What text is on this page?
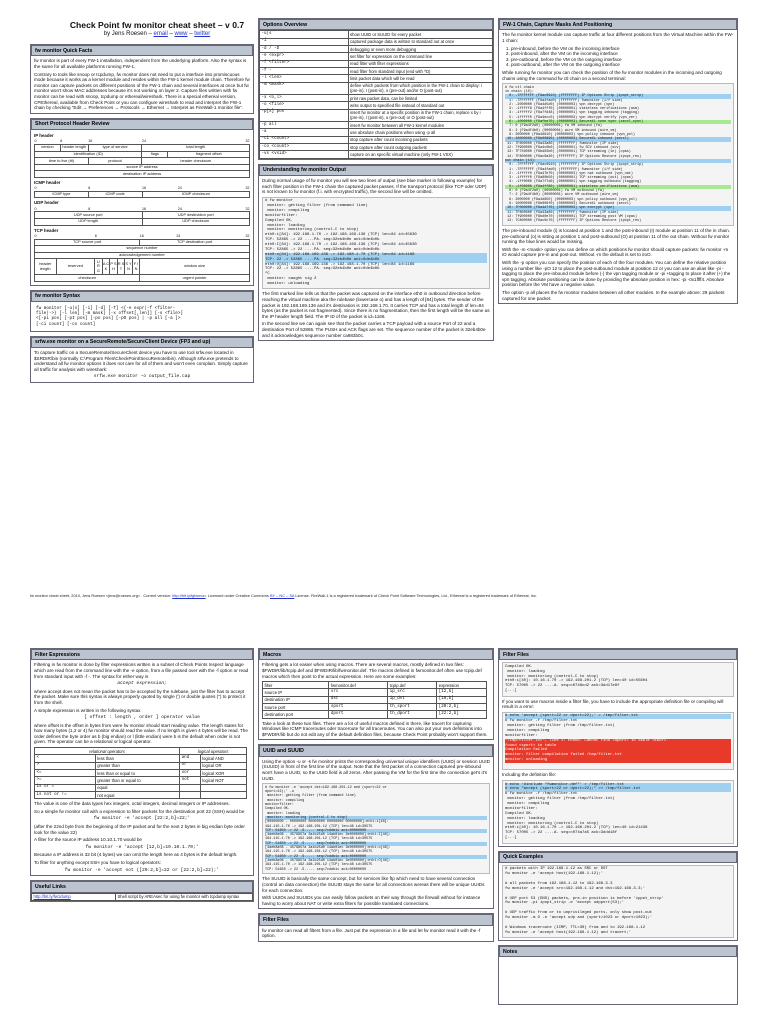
Check Point fw monitor cheat sheet – v 0.7
by Jens Roesen – email – www – twitter
fw monitor Quick Facts

fw monitor is part of every FW-1 installation, independent from the underlying platform. Also the syntax is the same for all available platforms running FW-1.

Contrary to tools like snoop or tcpdump, fw monitor does not need to put a interface into promiscuous mode because it works as a kernel module and resides within the FW-1 kernel module chain. Therefore fw monitor can capture packets on different positions of the FW-1 chain and several interfaces at once but fw monitor won't show MAC addresses because it's not working on layer 2. Capture files written with fw monitor can be read with snoop, tcpdump or ethereal/wireshark. There is a special ethereal version, CPEthereal, available from Check Point or you can configure wireshark to read and interpret the FW-1 chain by checking "Edit → Preferences → Protocols → Ethernet → Interpret as FireWall-1 monitor file".

Short Protocol Header Review
IP header
0	8	16	24	32
version	header length	type of service	total length	
identification (ID)			flags	fragment offset
time to live (ttl)		protocol	header checksum	
source IP address				
destination IP address				
ICMP header
0	8	16	24	32
ICMP type	ICMP code	ICMP checksum		
UDP header
0	8	16	24	32
UDP source port		UDP destination port		
UDP length		UDP checksum		
TCP header
0		8						16	24	32
TCP source port								TCP destination port		
sequence number										
acknowledgement number										
header length	reserved	U R G	A C K	P S H	R S T	S Y N	F I N	window size		
checksum								urgent pointer		
fw monitor Syntax
fw monitor [-u|s] [-i] [-d] [-T] <{-e expr|-f <filter-
file|->} [-l len] [-m mask] [-x offset[,len]] [-o <file>]
<[-pi pos] [-pI pos] [-po pos] [-pO pos] | -p all [-a ]>
[-ci count] [-co count]
srfw.exe monitor on a SecureRemote/SecureClient Device (FP3 and up)

To capture traffic on a SecureRemote/SecureClient device you have to use tool srfw.exe located in $SRDIR\bin (normally C:\Program Files\CheckPoint\SecuRemote\bin). Although srfw.exe pretends to understand all fw monitor options it does not care for all of them and won't even complain. Simply capture all traffic for analysis with wireshark:

srfw.exe monitor –o output_file.cap

Options Overview
-u|s	show UUID or SUUID for every packet
-i	captured package data is written to standard out at once
-d / -D	debugging or even more debugging
-e <expr>	set filter for expression on the command line
-f <filter>	read filter with filter expressions
-f -	read filter from standard input (end with ^D)
-l <len>	limit packet data which will be read
-m <mask>	define which packets from which position in the FW-1 chain to display: i (pre-in), I (post-in), o (pre-out) and/or O (post-out)
-x <o,l>	print raw packet data, can be limited
-o <file>	write output to specified file instead of standard out
-p[x] pos	insert fw monitor at a specific position in the FW-1 chain, replace x by i (pre-in), I (post-in), o (pre-out) or O (post-out)
-p all	insert fw monitor between all FW-1 kernel modules
-a	use absolute chain positions when using -p all
-ci <count>	stop capture after count incoming packets
-co <count>	stop capture after count outgoing packets
-vs <vsid>	capture on an specific virtual machine (only FW-1 VSX)
Understanding fw monitor Output

During normal usage of fw monitor you will see two lines of output (see blue marker in following example) for each filter position in the FW-1 chain the captured packet passes. If the transport protocol (like TCP oder UDP) is not known to fw monitor (f.i. with encrypted traffic), the second line will be omitted.

# fw monitor
monitor: getting filter (from command line)
monitor: compiling
monitorfilter:
Compiled OK.
monitor: loading
monitor: monitoring (control-C to stop)
eth0:i[84]: 192.168.1.70 -> 192.168.169.136 (TCP) len=84 id=45630
TCP: 52865 -> 22 ....PA. seq=32eb4b0e ack=0de4b0b
eth0:I[84]: 192.168.1.70 -> 192.168.169.136 (TCP) len=84 id=45630
TCP: 52865 -> 22 ....PA. seq=32eb4b0e ack=0de4b0b
eth0:o[84]: 192.168.169.136 -> 192.168.1.70 (TCP) len=84 id=1166
TCP: 22 -> 52865 ....PA. seq=32eb4b0e ack=0de4b0b
eth0:O[84]: 192.168.169.136 -> 192.168.1.70 (TCP) len=84 id=1166
TCP: 22 -> 52865 ....PA. seq=32eb4b0e ack=0de4b0b
^C
monitor: caught sig 2
monitor: unloading

The first marked line tells us that the packet was captured on the interface eth0 in outbound direction before reaching the virtual machine aka the rulebase (lowercase o) and has a length of [84] bytes. The sender of the packet is 192.168.169.136 and it's destination is 192.168.1.70. It carries TCP and has a total length of len=84 bytes (as the packet is not fragmented). Since there is no fragmentation, then the first length will be the same as the IP header length field. The IP ID of the packet is id=1166.

In the second line we can again see that the packet carries a TCP payload with a source Port of 22 and a destination Port of 52865. The PUSH and ACK flags are set. The sequence number of the packet is 32eb4b0e and it acknowledges sequence number ca983b0c.

FW-1 Chain, Capture Masks And Positioning

The fw monitor kernel module can capture traffic at four different positions from the Virtual Machine within the FW-1 chain:

1. pre-inbound, before the VM on the incoming interface
2. post-inbound, after the VM on the incoming interface
3. pre-outbound, before the VM on the outgoing interface
4. post-outbound, after the VM on the outgoing interface

While running fw monitor you can check the position of the fw monitor modules in the incoming and outgoing chains using the command fw ctl chain on a second terminal:

# fw ctl chain
in chain (15):
0: -7FFFFFFF (F9ac0910) (FFFFFFFF) IP Options Strip (ipopt_strip)
1: -7FFFFFFF (F9a4fad0) (FFFFFFFF) fwmonitor (i/f side)
2: -2000000 (F9a4d5d0) (00000003) vpn decrypt (vpn)
3: -1fffff8 (F9a4fff0) (00000001) stateless verifications (asm)
4: -1fffff2 (F9a7fd48) (00000001) vpn tagging inbound (tagging)
5: -1fffff0 (F9a4ecc0) (00000003) vpn decrypt verify (vpn_ver)
6: -1000000 (F9afbe70) (00000003) SecureXL conn sync (secxl_sync)
7: 0 (F9a4f2a0) (00000001) fw VM inbound (fw)
8: 2 (F9a4f4b0) (00000001) wire VM inbound (wire_vm)
9: 2000000 (F9a4d610) (00000003) vpn policy inbound (vpn_pol)
10: 10000000 (F9b00890) (00000003) SecureXL inbound (secxl)
11: 7F800000 (F9a43a80) (FFFFFFFF) fwmonitor (IP side)
12: 7f900000 (F9a4c0b0) (00000001) fw SCV inbound (scv)
13: 7F750000 (F9bd02b0) (00000001) TCP streaming (in) (cpas)
14: 7F800000 (F9ac0a30) (FFFFFFFF) IP Options Restore (ipopt_res)
out chain (14):
0: -7FFFFFFF (F9ac0910) (FFFFFFFF) IP Options Strip (ipopt_strip)
1: -7FFFFFFF (F9a4fad0) (FFFFFFFF) fwmonitor (i/f side)
2: -1fffff0 (F9a47b70) (00000003) vpn nat outbound (vpn_nat)
3: -1fffff0 (F9a80b50) (00000001) TCP streaming (out) (cpas)
4: -1ff0000 (F9a7f7d0) (00000001) vpn tagging outbound (tagging)
5: -1f00000 (F9a4ff80) (00000001) stateless verifications (asm)
6: 0 (F9a4f2a0) (00000001) fw VM outbound (fw)
7: 2 (F9a4f4b0) (00000001) wire VM outbound (wire_vm)
8: 2000000 (F9a4d650) (00000003) vpn policy outbound (vpn_pol)
9: 10000000 (F9b008f0) (00000003) SecureXL outbound (secxl)
10: 7F000000 (F9a4d7f0) (00000003) vpn encrypt (vpn)
11: 7F800000 (F9a43a80) (FFFFFFFF) fwmonitor (IP side)
12: 7f900000 (F9bd0e70) (00000001) TCP streaming post VM (cpas)
13: 7C800000 (F9ac0c70) (FFFFFFFF) IP Options Restore (ipopt_res)

The pre-inbound module (i) is located at position 1 and the post-inbound (I) module at position 11 of the in chain. pre-outbound (o) is sitting at position 1 and post-outbound (O) at position 11 of the out chain. Without fw monitor running the blue lines would be missing.

With the -m <mask> option you can define on which positions fw monitor should capture packets: fw monitor -m iO would capture pre-in and post-out. Without -m the default is set to iIoO.

With the -p option you can specify the position of each of the four modules. You can define the relative position using a number like -pO 12 to place the post-outbound module at position 12 or you can use an alias like -pi -tagging to place the pre-inbound module before (-) the vpn tagging module or -pi +tagging to place it after (+) the vpn tagging. Absolute positioning can be done by providing the absolute position in hex: -pi -0x1ffff4. Absolute position before the VM have a negative value.

The option -p all places the fw monitor modules between all other modules. In the example above: 29 packets captured for one packet.

fw monitor cheat sheet, 2010, Jens Roesen <jens@roesen.org> . Current version: http://bit.ly/fgfwmon. Licensed under Creative Commons BY – NC – SA License. FireWall-1 is a registered trademark of Check Point Software Technologies, Ltd., Ethereal is a registered trademark of Ethereal, Inc.
Filter Expressions

Filtering in fw monitor is done by filter expressions written in a subset of Check Points Inspect language which are read from the command line with the -e option, from a file passed over with the -f option or read from standard input with -f -. The syntax for either way is

accept expression;

where accept does not mean the packet has to be accepted by the rulebase, just the filter has to accept the packet. Make sure this syntax is always properly quoted by single (') or double quotes (") to protect it from the shell.

A simple expression is written in the following syntax

[ offset : length , order ] operator value

where offset is the offset in bytes from were fw monitor should start reading value. The length states for how many bytes (1,2 or 4) fw monitor should read the value. If no length is given 4 bytes will be read. The order defines the byte order as b (big endian) or l (little endian) were b is the default when order is not given. The operator can be a relational or logical operator.

relational operators		logical operators	
<	less than	and	logical AND
>	greater than	or	logical OR
<=	less than or equal to	xor	logical XOR
>=	greater than or equal to	not	logical NOT
is or =	equal		
is not or !=	not equal		

The value is one of the data types hex integers, octal integers, decimal integers or IP addresses.

So a simple fw monitor call with a expression to filter packets for the destination port 22 (SSH) would be

fw monitor -e 'accept [22:2,b]=22;'

(after the 22nd byte from the beginning of the IP packet and for the next 2 bytes in big endian byte order look for the value 22)

A filter for the source IP address 10.10.1.70 would be

fw monitor -e 'accept [12,b]=10.10.1.70;'

Because a IP address is 32 bit (4 bytes) we can omit the length here as 4 bytes is the default length.

To filter for anything except SSH you have to logical operators:

fw monitor -e 'accept not ([20:2,b]=22 or [22:2,b]=22);'

Useful Links
http://bit.ly/fw1dump	Shell script by AREAsec for using fw monitor with tcpdump syntax
Macros

Filtering gets a lot easier when using macros. There are several macros, mostly defined in two files: $FWDIR/lib/tcpip.def and $FWDIR/lib/fwmonitor.def. The macros defined in fwmonitor.def often use tcpip.def macros which then point to the actual expression. Here are some examples:

filter	fwmonitor.def	tcpip.def	expression
source IP	src	ip_src	[12,b]
destination IP	dst	ip_dst	[16,b]
source port	sport	th_sport	[20:2,b]
destination port	dport	th_dport	[22:2,b]

Take a look at these two files. There are a lot of useful macros defined in there, like tracert for capturing Windows like ICMP traceroutes oder traceroute for all traceroutes. You can also put your own definitions into $FWDIR/lib but do not edit any of the default definition files, because Check Point probably won't support them.

UUID and SUUID

Using the option -u or -s fw monitor prints the corresponding universal unique identifiers (UUID) or session UUID (SUUID) in front of the first line of the output. Note that the first packet of a connection captured pre-inbound won't have a UUID, so the UUID field is all zeros. After passing the VM for the first time the connection get's it's UUID.

# fw monitor -e 'accept dst=192.168.201.12 and (sport=22 or
dport=22);' -u
monitor: getting filter (from command line)
monitor: compiling
monitorfilter:
Compiled OK.
monitor: loading
monitor: monitoring (control-C to stop)
[00000000 - 00000000 00000000 00000000 00000000]:eth1:i[48]:
194.115.1.70 -> 192.168.201.12 (TCP) len=48 id=30575
TCP: 51650 -> 22 .S..... seq=7cddb1c ack=00000000
[4aeb8a08 - 4579857a 3a1b25d0 14ab01ec 3e0000000]:eth1:I[48]:
194.115.1.70 -> 192.168.201.12 (TCP) len=48 id=30575
TCP: 51650 -> 22 .S..... seq=7cddb1c ack=00000000
[4aeb8a08 - 4579857a 3a1b25d0 14ab01ec 3e0000000]:eth1:o[48]:
194.115.1.70 -> 192.168.201.12 (TCP) len=48 id=30575
TCP: 51650 -> 22 .S..... seq=7cddb1c ack=00000000
[4aeb8a08 - 4579857a 3a1b25d0 14ab01ec 3e0000000]:eth1:O[48]:
194.115.1.70 -> 192.168.201.12 (TCP) len=48 id=30575
TCP: 51650 -> 22 .S..... seq=7cddb1c ack=00000000

The SUUID is basically the same concept, but for services like ftp which need to have several connection (control an data connection) the SUUID stays the same for all connections wereas there will be unique UUIDs for each connection.

With UUIDs and SUUIDs you can easily follow packets on their way through the firewall without for instance having to worry about NAT or write extra filters for possible translated connections.

Filter Files

fw monitor can read all filters from a file. Just put the expression in a file and let fw monitor read it with the -f option.

Filter Files
Compiled OK.
monitor: loading
monitor: monitoring (control-C to stop)
eth0:i[40]: 10.16.1.70 -> 192.168.201.2 (TCP) len=40 id=55604
TCP: 57005 -> 22 ....A. seq=c0748cd2 ack=3dd17e8f
[...]

If you want to use macros inside a filter file, you have to include the appropriate definition file or compiling will result in a error:

# echo 'accept (sport=22 or dport=22);' > /tmp/filter.txt
# fw monitor -f /tmp/filter.txt
monitor: getting filter (from /tmp/filter.txt)
monitor: compiling
monitorfilter:
"/tmp/filter.txt", line 1: ERROR: Cannot find <dport> in table <kbuf>.
found <sport> in table
Compilation failed
monitor: filter compilation failed /tmp/filter.txt
monitor: unloading

Including the definition file:

# echo '#include "fwmonitor.def"' > /tmp/filter.txt
# echo "accept (sport=22 or dport=22);" >> /tmp/filter.txt
# fw monitor -f /tmp/filter.txt
monitor: getting filter (from /tmp/filter.txt)
monitor: compiling
monitorfilter:
Compiled OK.
monitor: loading
monitor: monitoring (control-C to stop)
eth0:i[40]: 10.16.1.70 -> 192.168.201.2 (TCP) len=40 id=21438
TCP: 57005 -> 22 ....A. seq=c074a7a5 ack=3ddd18f
[...]
Quick Examples
# packets with IP 192.168.1.12 as SRC or DST
fw monitor -e 'accept host(192.168.1.12);'

# all packets from 192.168.1.12 to 192.168.3.3
fw monitor -e 'accept src=192.168.1.12 and dst=192.168.3.3;'

# UDP port 53 (DNS) packets, pre-in position is before 'ippot_strip'
fw monitor -pi ipopt_strip -e 'accept udpport(53);'

# UDP traffic from or to unprivileged ports, only show post-out
fw monitor -m O -e 'accept udp and (sport>1023 or dport>1023);'

# Windows traceroute (ICMP, TTL<30) from and to 192.168.1.12
fw monitor -e 'accept host(192.168.1.12) and tracert;'
Notes
